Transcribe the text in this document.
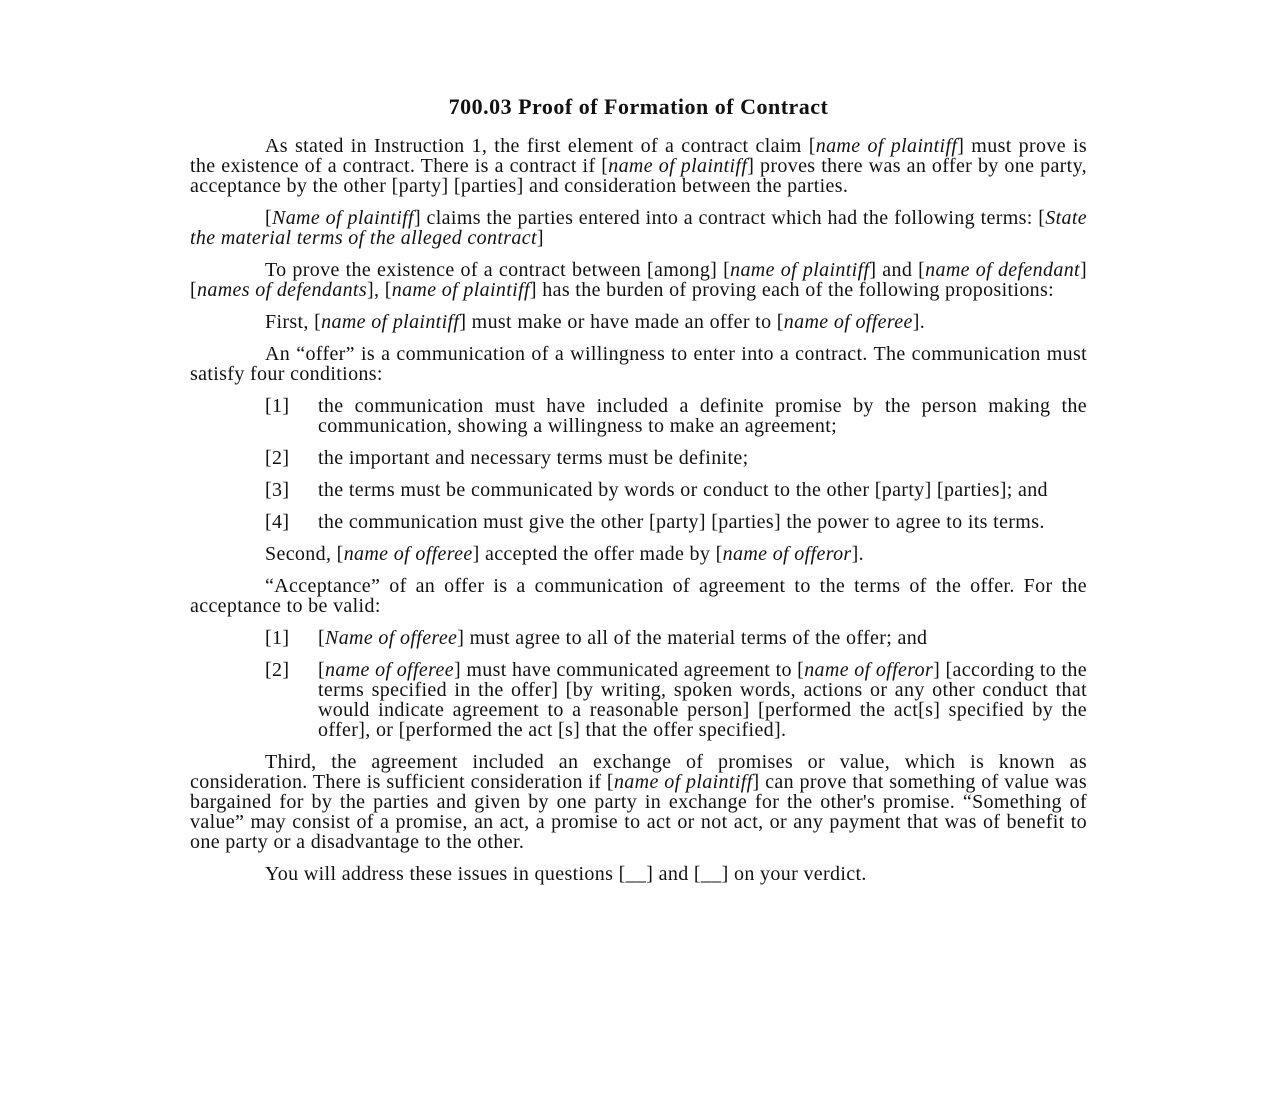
700.03 Proof of Formation of Contract

As stated in Instruction 1, the first element of a contract claim [name of plaintiff] must prove is the existence of a contract. There is a contract if [name of plaintiff] proves there was an offer by one party, acceptance by the other [party] [parties] and consideration between the parties.

[Name of plaintiff] claims the parties entered into a contract which had the following terms: [State the material terms of the alleged contract]

To prove the existence of a contract between [among] [name of plaintiff] and [name of defendant] [names of defendants], [name of plaintiff] has the burden of proving each of the following propositions:

First, [name of plaintiff] must make or have made an offer to [name of offeree].

An “offer” is a communication of a willingness to enter into a contract. The communication must satisfy four conditions:

[1] the communication must have included a definite promise by the person making the communication, showing a willingness to make an agreement;
[2] the important and necessary terms must be definite;
[3] the terms must be communicated by words or conduct to the other [party] [parties]; and
[4] the communication must give the other [party] [parties] the power to agree to its terms.

Second, [name of offeree] accepted the offer made by [name of offeror].

“Acceptance” of an offer is a communication of agreement to the terms of the offer. For the acceptance to be valid:

[1] [Name of offeree] must agree to all of the material terms of the offer; and
[2] [name of offeree] must have communicated agreement to [name of offeror] [according to the terms specified in the offer] [by writing, spoken words, actions or any other conduct that would indicate agreement to a reasonable person] [performed the act[s] specified by the offer], or [performed the act [s] that the offer specified].

Third, the agreement included an exchange of promises or value, which is known as consideration. There is sufficient consideration if [name of plaintiff] can prove that something of value was bargained for by the parties and given by one party in exchange for the other's promise. “Something of value” may consist of a promise, an act, a promise to act or not act, or any payment that was of benefit to one party or a disadvantage to the other.

You will address these issues in questions [__] and [__] on your verdict.
